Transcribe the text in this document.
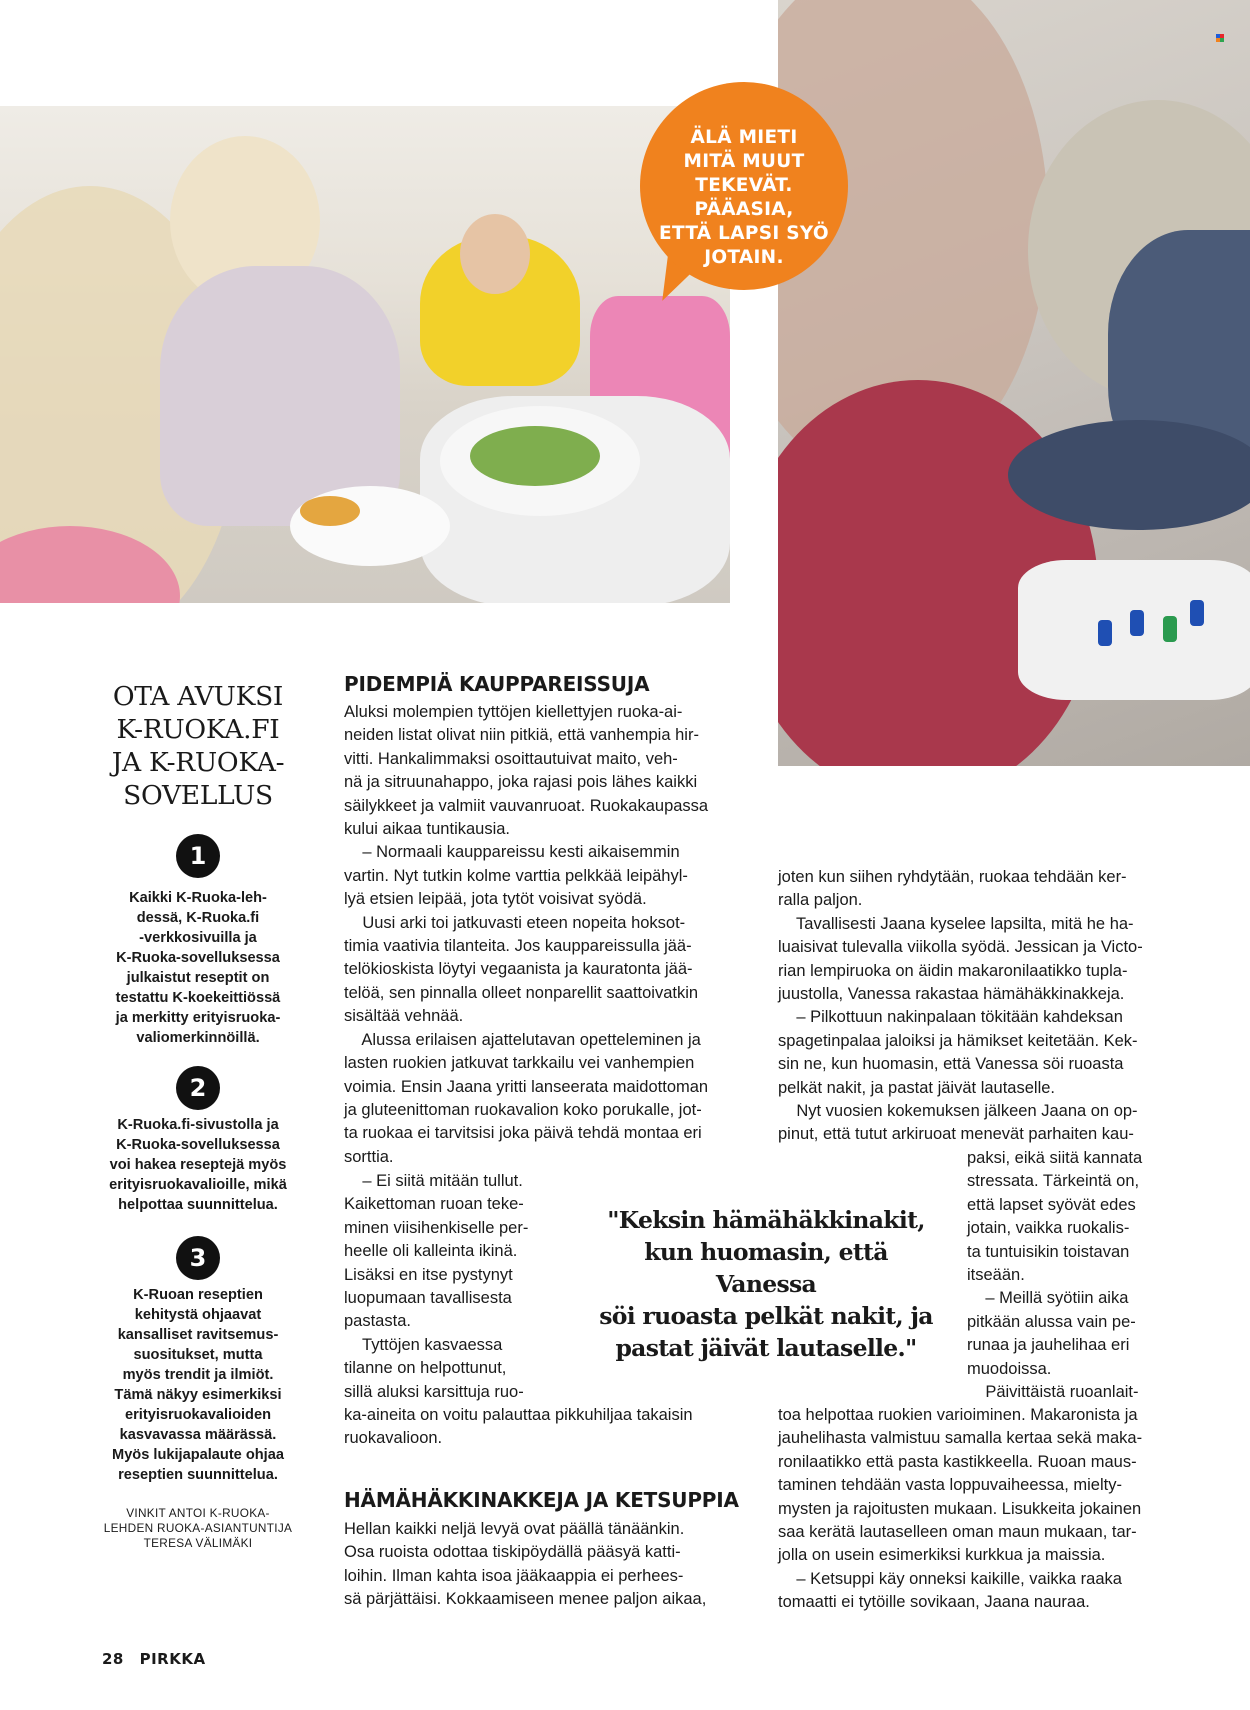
ÄLÄ MIETI
MITÄ MUUT
TEKEVÄT. PÄÄASIA,
ETTÄ LAPSI SYÖ
JOTAIN.
OTA AVUKSI
K-RUOKA.FI
JA K-RUOKA-
SOVELLUS
1
Kaikki K-Ruoka-leh-
dessä, K-Ruoka.fi
-verkkosivuilla ja
K-Ruoka-sovelluksessa
julkaistut reseptit on
testattu K-koekeittiössä
ja merkitty erityisruoka-
valiomerkinnöillä.
2
K-Ruoka.fi-sivustolla ja
K-Ruoka-sovelluksessa
voi hakea reseptejä myös
erityisruokavalioille, mikä
helpottaa suunnittelua.
3
K-Ruoan reseptien
kehitystä ohjaavat
kansalliset ravitsemus-
suositukset, mutta
myös trendit ja ilmiöt.
Tämä näkyy esimerkiksi
erityisruokavalioiden
kasvavassa määrässä.
Myös lukijapalaute ohjaa
reseptien suunnittelua.
VINKIT ANTOI K-RUOKA-
LEHDEN RUOKA-ASIANTUNTIJA
TERESA VÄLIMÄKI
PIDEMPIÄ KAUPPAREISSUJA

Aluksi molempien tyttöjen kiellettyjen ruoka-ai-

neiden listat olivat niin pitkiä, että vanhempia hir-

vitti. Hankalimmaksi osoittautuivat maito, veh-

nä ja sitruunahappo, joka rajasi pois lähes kaikki

säilykkeet ja valmiit vauvanruoat. Ruokakaupassa

kului aikaa tuntikausia.

– Normaali kauppareissu kesti aikaisemmin

vartin. Nyt tutkin kolme varttia pelkkää leipähyl-

lyä etsien leipää, jota tytöt voisivat syödä.

Uusi arki toi jatkuvasti eteen nopeita hoksot-

timia vaativia tilanteita. Jos kauppareissulla jää-

telökioskista löytyi vegaanista ja kauratonta jää-

telöä, sen pinnalla olleet nonparellit saattoivatkin

sisältää vehnää.

Alussa erilaisen ajattelutavan opetteleminen ja

lasten ruokien jatkuvat tarkkailu vei vanhempien

voimia. Ensin Jaana yritti lanseerata maidottoman

ja gluteenittoman ruokavalion koko porukalle, jot-

ta ruokaa ei tarvitsisi joka päivä tehdä montaa eri

sorttia.

– Ei siitä mitään tullut.

Kaikettoman ruoan teke-

minen viisihenkiselle per-

heelle oli kalleinta ikinä.

Lisäksi en itse pystynyt

luopumaan tavallisesta

pastasta.

Tyttöjen kasvaessa

tilanne on helpottunut,

sillä aluksi karsittuja ruo-

ka-aineita on voitu palauttaa pikkuhiljaa takaisin

ruokavalioon.

HÄMÄHÄKKINAKKEJA JA KETSUPPIA

Hellan kaikki neljä levyä ovat päällä tänäänkin.

Osa ruoista odottaa tiskipöydällä pääsyä katti-

loihin. Ilman kahta isoa jääkaappia ei perhees-

sä pärjättäisi. Kokkaamiseen menee paljon aikaa,

joten kun siihen ryhdytään, ruokaa tehdään ker-

ralla paljon.

Tavallisesti Jaana kyselee lapsilta, mitä he ha-

luaisivat tulevalla viikolla syödä. Jessican ja Victo-

rian lempiruoka on äidin makaronilaatikko tupla-

juustolla, Vanessa rakastaa hämähäkkinakkeja.

– Pilkottuun nakinpalaan tökitään kahdeksan

spagetinpalaa jaloiksi ja hämikset keitetään. Kek-

sin ne, kun huomasin, että Vanessa söi ruoasta

pelkät nakit, ja pastat jäivät lautaselle.

Nyt vuosien kokemuksen jälkeen Jaana on op-

pinut, että tutut arkiruoat menevät parhaiten kau-

paksi, eikä siitä kannata

stressata. Tärkeintä on,

että lapset syövät edes

jotain, vaikka ruokalis-

ta tuntuisikin toistavan

itseään.

– Meillä syötiin aika

pitkään alussa vain pe-

runaa ja jauhelihaa eri

muodoissa.

Päivittäistä ruoanlait-

toa helpottaa ruokien varioiminen. Makaronista ja

jauhelihasta valmistuu samalla kertaa sekä maka-

ronilaatikko että pasta kastikkeella. Ruoan maus-

taminen tehdään vasta loppuvaiheessa, mielty-

mysten ja rajoitusten mukaan. Lisukkeita jokainen

saa kerätä lautaselleen oman maun mukaan, tar-

jolla on usein esimerkiksi kurkkua ja maissia.

– Ketsuppi käy onneksi kaikille, vaikka raaka

tomaatti ei tytöille sovikaan, Jaana nauraa.

"Keksin hämähäkkinakit,
kun huomasin, että Vanessa
söi ruoasta pelkät nakit, ja
pastat jäivät lautaselle."
28 PIRKKA
